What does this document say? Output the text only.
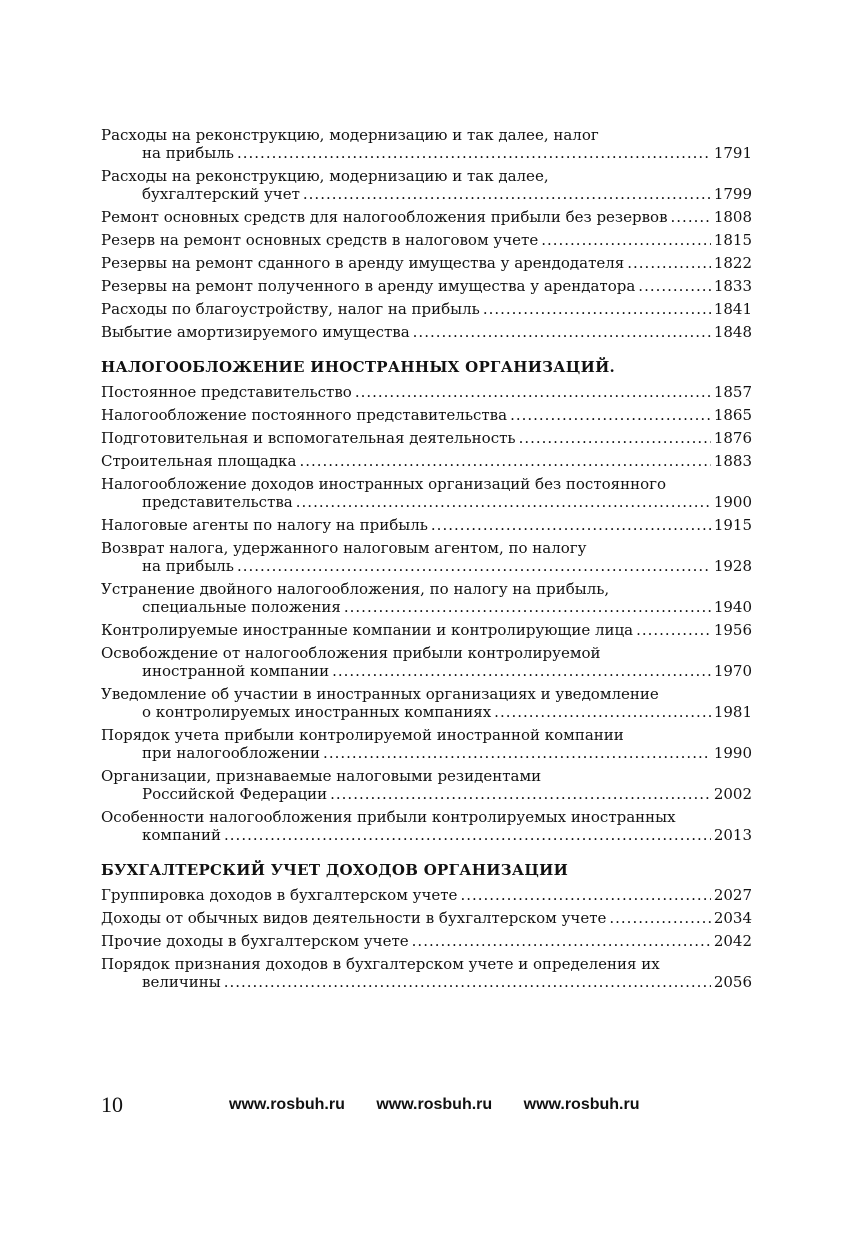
Расходы на реконструкцию, модернизацию и так далее, налог
на прибыль .....	1791
Расходы на реконструкцию, модернизацию и так далее,
бухгалтерский учет .....	1799
Ремонт основных средств для налогообложения прибыли без резервов .....	1808
Резерв на ремонт основных средств в налоговом учете .....	1815
Резервы на ремонт сданного в аренду имущества у арендодателя .....	1822
Резервы на ремонт полученного в аренду имущества у арендатора .....	1833
Расходы по благоустройству, налог на прибыль .....	1841
Выбытие амортизируемого имущества .....	1848
НАЛОГООБЛОЖЕНИЕ ИНОСТРАННЫХ ОРГАНИЗАЦИЙ.
Постоянное представительство .....	1857
Налогообложение постоянного представительства .....	1865
Подготовительная и вспомогательная деятельность .....	1876
Строительная площадка .....	1883
Налогообложение доходов иностранных организаций без постоянного
представительства .....	1900
Налоговые агенты по налогу на прибыль .....	1915
Возврат налога, удержанного налоговым агентом, по налогу
на прибыль .....	1928
Устранение двойного налогообложения, по налогу на прибыль,
специальные положения .....	1940
Контролируемые иностранные компании и контролирующие лица .....	1956
Освобождение от налогообложения прибыли контролируемой
иностранной компании .....	1970
Уведомление об участии в иностранных организациях и уведомление
о контролируемых иностранных компаниях .....	1981
Порядок учета прибыли контролируемой иностранной компании
при налогообложении .....	1990
Организации, признаваемые налоговыми резидентами
Российской Федерации .....	2002
Особенности налогообложения прибыли контролируемых иностранных
компаний .....	2013
БУХГАЛТЕРСКИЙ УЧЕТ ДОХОДОВ ОРГАНИЗАЦИИ
Группировка доходов в бухгалтерском учете .....	2027
Доходы от обычных видов деятельности в бухгалтерском учете .....	2034
Прочие доходы в бухгалтерском учете .....	2042
Порядок признания доходов в бухгалтерском учете и определения их
величины .....	2056
10	www.rosbuh.ru www.rosbuh.ru www.rosbuh.ru
